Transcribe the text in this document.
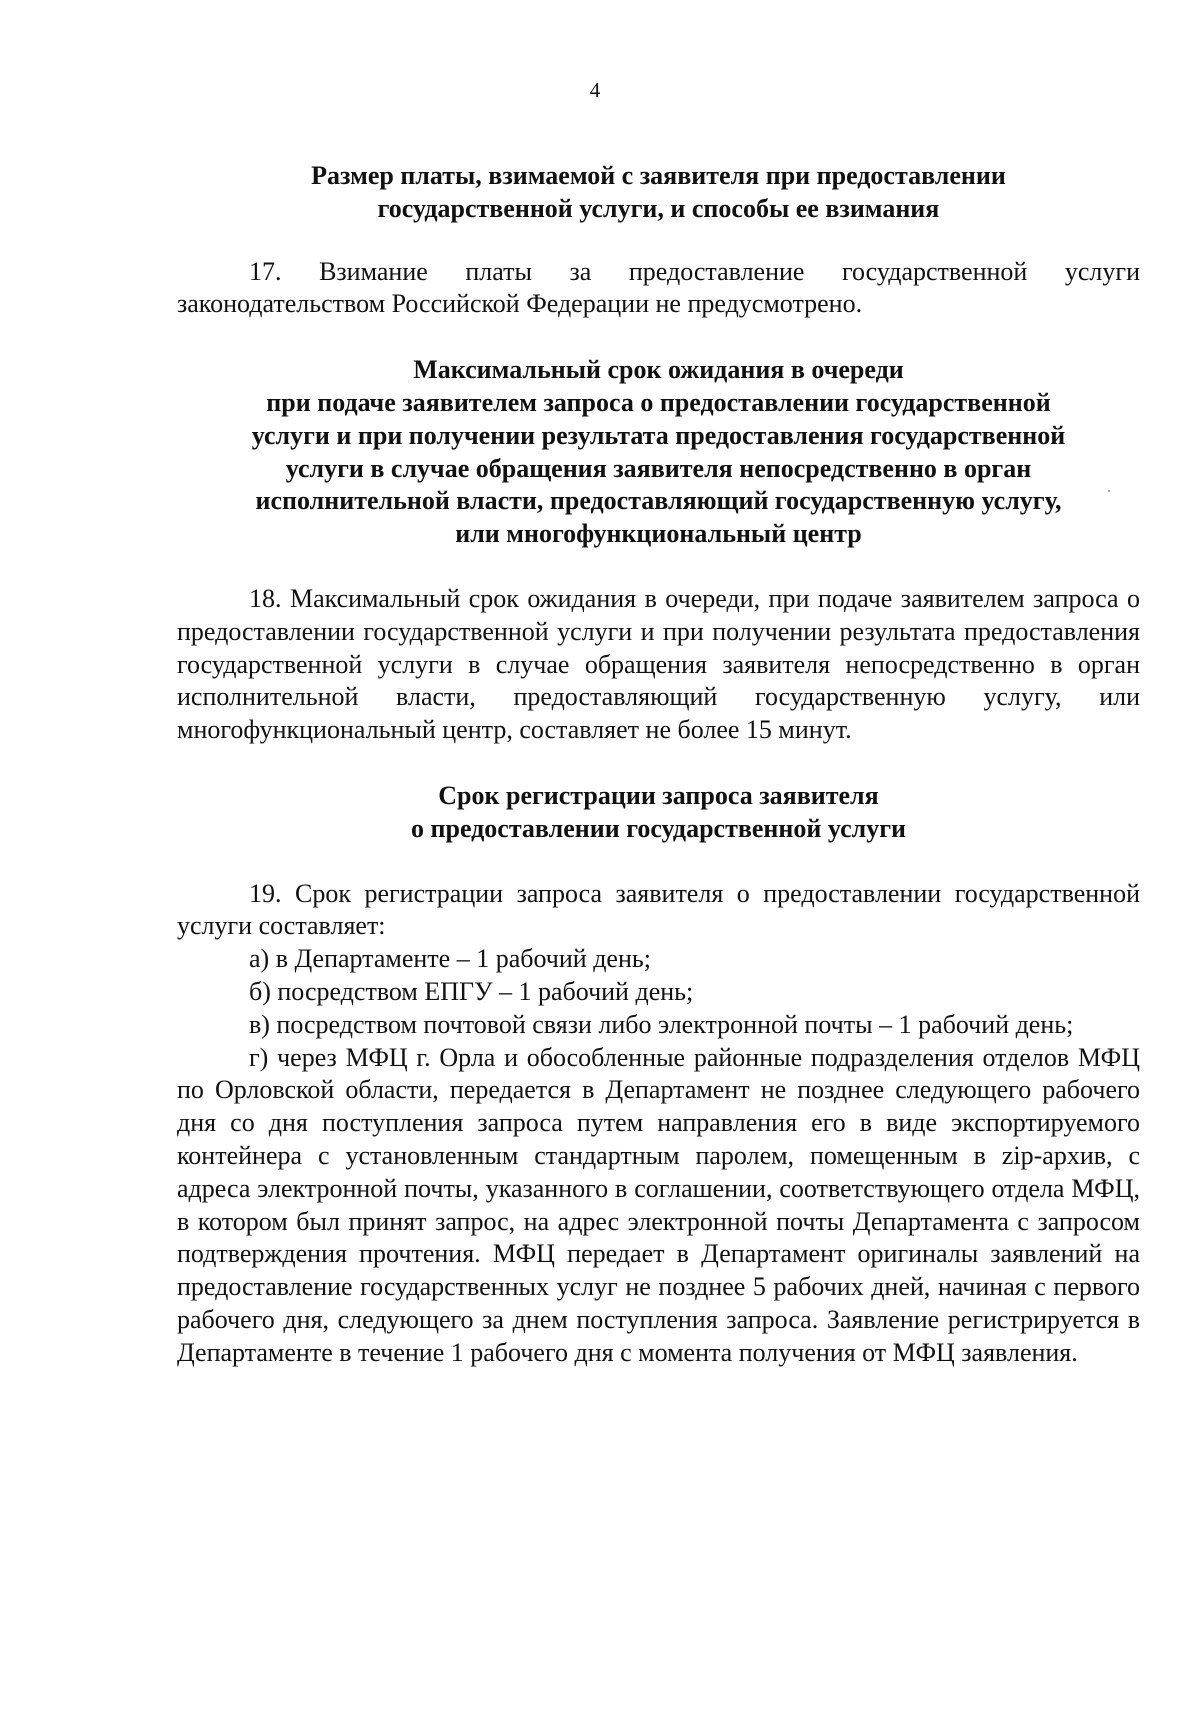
4
Размер платы, взимаемой с заявителя при предоставлении
государственной услуги, и способы ее взимания

17. Взимание платы за предоставление государственной услуги законодательством Российской Федерации не предусмотрено.

Максимальный срок ожидания в очереди
при подаче заявителем запроса о предоставлении государственной
услуги и при получении результата предоставления государственной
услуги в случае обращения заявителя непосредственно в орган
исполнительной власти, предоставляющий государственную услугу,
или многофункциональный центр

18. Максимальный срок ожидания в очереди, при подаче заявителем запроса о предоставлении государственной услуги и при получении результата предоставления государственной услуги в случае обращения заявителя непосредственно в орган исполнительной власти, предоставляющий государственную услугу, или многофункциональный центр, составляет не более 15 минут.

Срок регистрации запроса заявителя
о предоставлении государственной услуги

19. Срок регистрации запроса заявителя о предоставлении государственной услуги составляет:

а) в Департаменте – 1 рабочий день;

б) посредством ЕПГУ – 1 рабочий день;

в) посредством почтовой связи либо электронной почты – 1 рабочий день;

г) через МФЦ г. Орла и обособленные районные подразделения отделов МФЦ по Орловской области, передается в Департамент не позднее следующего рабочего дня со дня поступления запроса путем направления его в виде экспортируемого контейнера с установленным стандартным паролем, помещенным в zip-архив, с адреса электронной почты, указанного в соглашении, соответствующего отдела МФЦ, в котором был принят запрос, на адрес электронной почты Департамента с запросом подтверждения прочтения. МФЦ передает в Департамент оригиналы заявлений на предоставление государственных услуг не позднее 5 рабочих дней, начиная с первого рабочего дня, следующего за днем поступления запроса. Заявление регистрируется в Департаменте в течение 1 рабочего дня с момента получения от МФЦ заявления.
